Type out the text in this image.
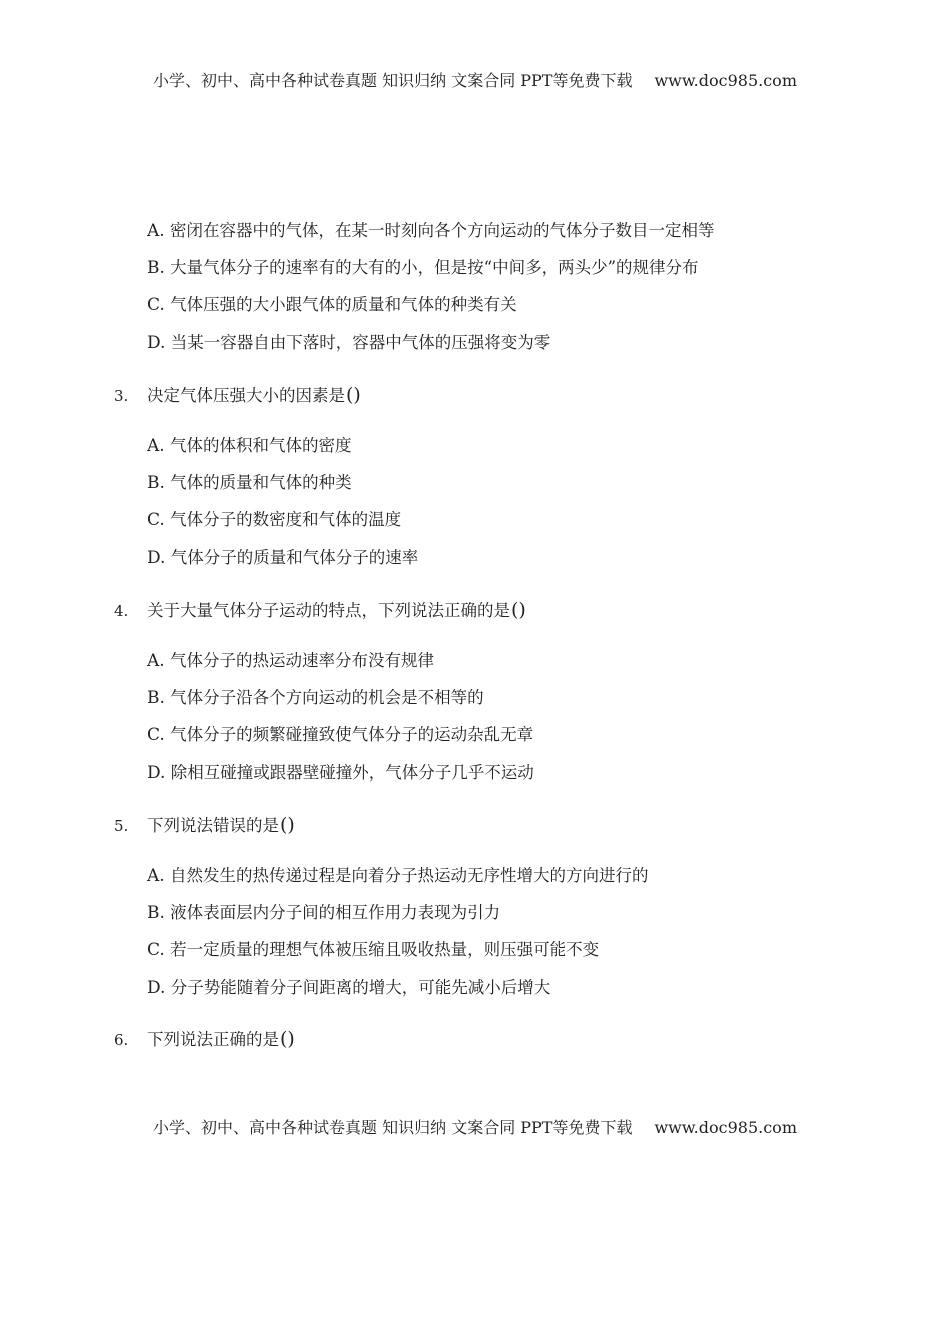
小学、初中、高中各种试卷真题 知识归纳 文案合同 PPT等免费下载 www.doc985.com
A. 密闭在容器中的气体，在某一时刻向各个方向运动的气体分子数目一定相等
B. 大量气体分子的速率有的大有的小，但是按“中间多，两头少”的规律分布
C. 气体压强的大小跟气体的质量和气体的种类有关
D. 当某一容器自由下落时，容器中气体的压强将变为零
3. 决定气体压强大小的因素是()
A. 气体的体积和气体的密度
B. 气体的质量和气体的种类
C. 气体分子的数密度和气体的温度
D. 气体分子的质量和气体分子的速率
4. 关于大量气体分子运动的特点，下列说法正确的是()
A. 气体分子的热运动速率分布没有规律
B. 气体分子沿各个方向运动的机会是不相等的
C. 气体分子的频繁碰撞致使气体分子的运动杂乱无章
D. 除相互碰撞或跟器壁碰撞外，气体分子几乎不运动
5. 下列说法错误的是()
A. 自然发生的热传递过程是向着分子热运动无序性增大的方向进行的
B. 液体表面层内分子间的相互作用力表现为引力
C. 若一定质量的理想气体被压缩且吸收热量，则压强可能不变
D. 分子势能随着分子间距离的增大，可能先减小后增大
6. 下列说法正确的是()
小学、初中、高中各种试卷真题 知识归纳 文案合同 PPT等免费下载 www.doc985.com
